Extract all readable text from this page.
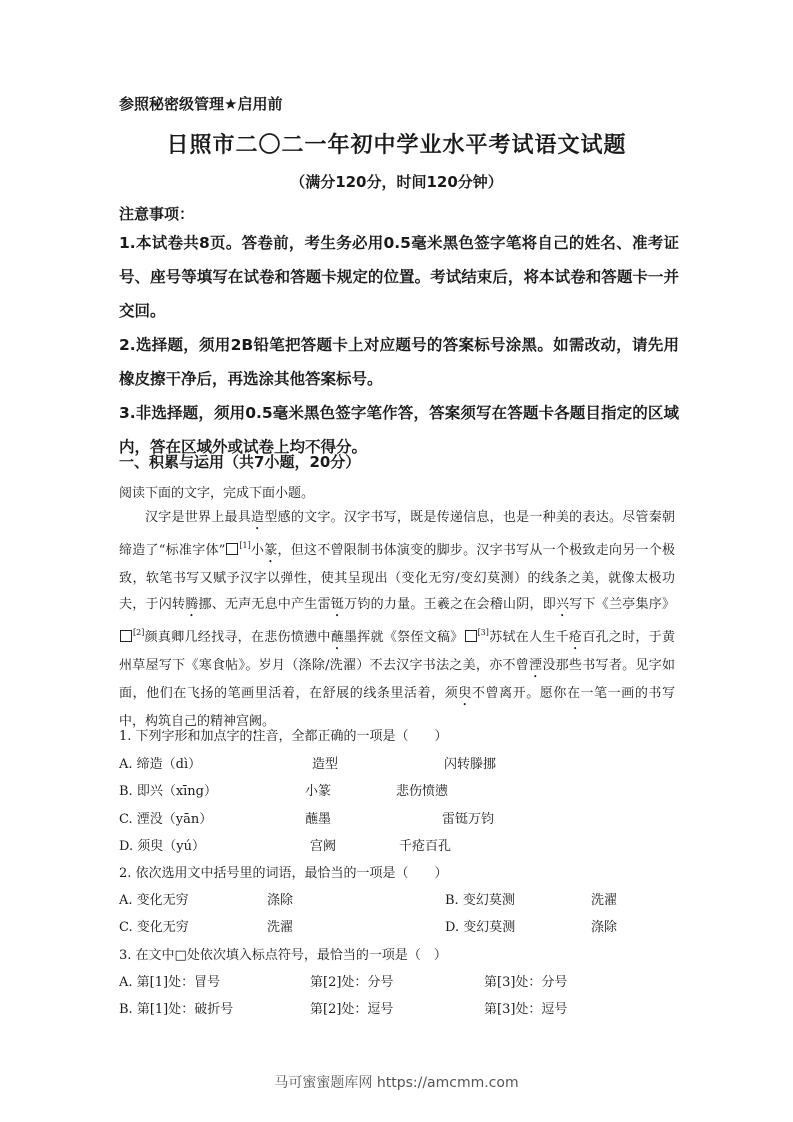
参照秘密级管理★启用前
日照市二〇二一年初中学业水平考试语文试题
（满分120分，时间120分钟）
注意事项：
1.本试卷共8页。答卷前，考生务必用0.5毫米黑色签字笔将自己的姓名、准考证号、座号等填写在试卷和答题卡规定的位置。考试结束后，将本试卷和答题卡一并交回。
2.选择题，须用2B铅笔把答题卡上对应题号的答案标号涂黑。如需改动，请先用橡皮擦干净后，再选涂其他答案标号。
3.非选择题，须用0.5毫米黑色签字笔作答，答案须写在答题卡各题目指定的区域内，答在区域外或试卷上均不得分。
一、积累与运用（共7小题，20分）
阅读下面的文字，完成下面小题。

汉字是世界上最具造型感的文字。汉字书写，既是传递信息，也是一种美的表达。尽管秦朝缔造了“标准字体” [1]小篆，但这不曾限制书体演变的脚步。汉字书写从一个极致走向另一个极致，软笔书写又赋予汉字以弹性，使其呈现出（变化无穷/变幻莫测）的线条之美，就像太极功夫，于闪转腾挪、无声无息中产生雷铤万钧的力量。王羲之在会稽山阴，即兴写下《兰亭集序》[2]颜真卿几经找寻，在悲伤愤懑中蘸墨挥就《祭侄文稿》 [3]苏轼在人生千疮百孔之时，于黄州草屋写下《寒食帖》。岁月（涤除/洗濯）不去汉字书法之美，亦不曾湮没那些书写者。见字如面，他们在飞扬的笔画里活着，在舒展的线条里活着，须臾不曾离开。愿你在一笔一画的书写中，构筑自己的精神宫阙。

1. 下列字形和加点字的注音，全都正确的一项是（　　）
A. 缔造（dì）	造型	闪转滕挪
B. 即兴（xīng）	小篆	悲伤愤懑
C. 湮没（yān）	蘸墨	雷铤万钧
D. 须臾（yú）	宫阙	千疮百孔
2. 依次选用文中括号里的词语，最恰当的一项是（　　）
A. 变化无穷	涤除	B. 变幻莫测	洗濯
C. 变化无穷	洗濯	D. 变幻莫测	涤除
3. 在文中□处依次填入标点符号，最恰当的一项是（　）
A. 第[1]处：冒号	第[2]处：分号	第[3]处：分号
B. 第[1]处：破折号	第[2]处：逗号	第[3]处：逗号
马可蜜蜜题库网 https://amcmm.com
